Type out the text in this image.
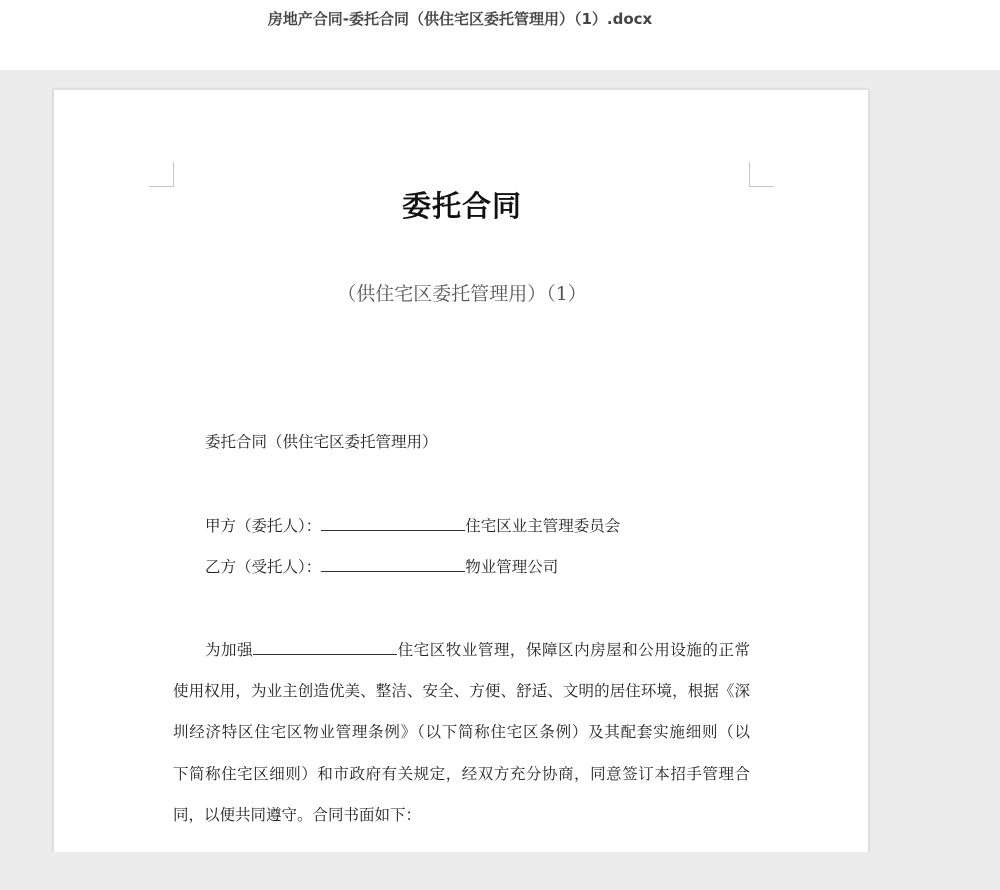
房地产合同-委托合同（供住宅区委托管理用）（1）.docx
委托合同
（供住宅区委托管理用）（1）
委托合同（供住宅区委托管理用）
甲方（委托人）：	住宅区业主管理委员会
乙方（受托人）：	物业管理公司
为加强	住宅区牧业管理，保障区内房屋和公用设施的正常
使用权用，为业主创造优美、整洁、安全、方便、舒适、文明的居住环境，根据《深
圳经济特区住宅区物业管理条例》（以下简称住宅区条例）及其配套实施细则（以
下简称住宅区细则）和市政府有关规定，经双方充分协商，同意签订本招手管理合
同，以便共同遵守。合同书面如下：
